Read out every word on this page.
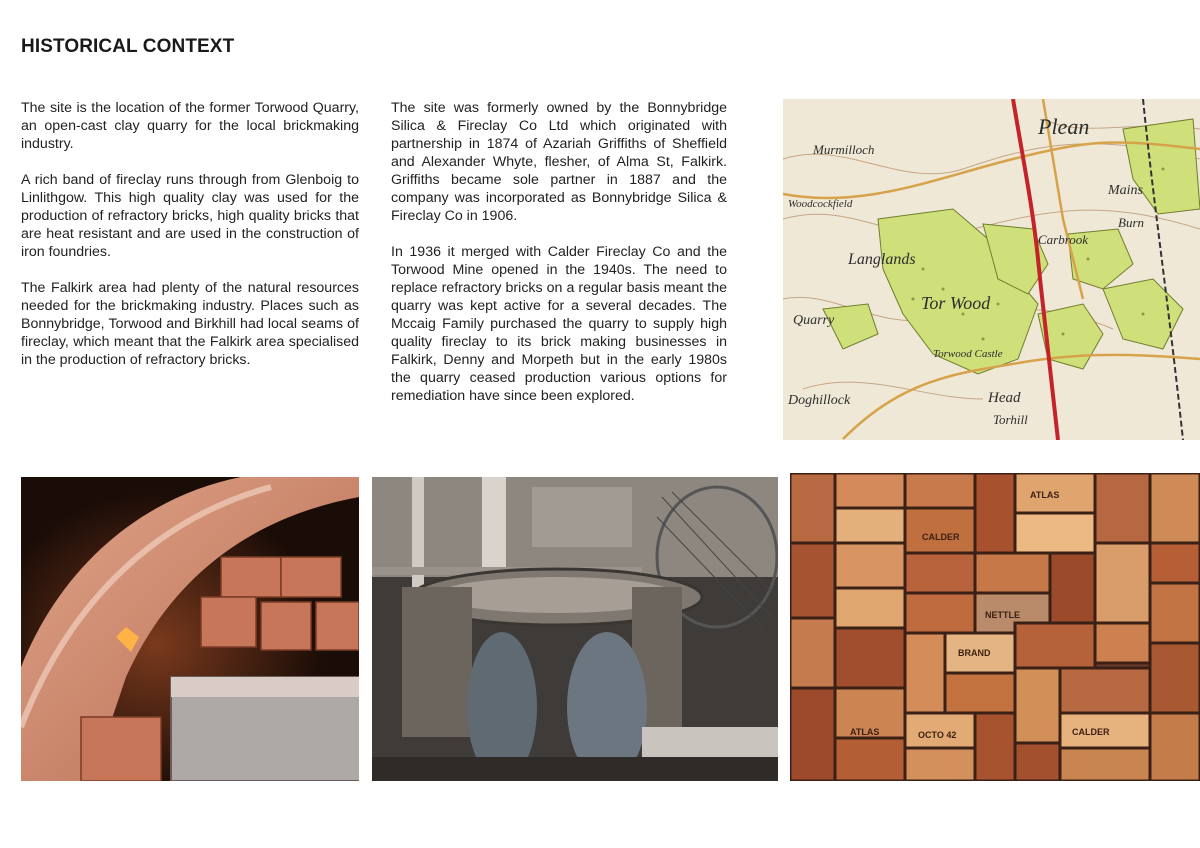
HISTORICAL CONTEXT

The site is the location of the former Torwood Quarry, an open-cast clay quarry for the local brickmaking industry.

A rich band of fireclay runs through from Glenboig to Linlithgow. This high quality clay was used for the production of refractory bricks, high quality bricks that are heat resistant and are used in the construction of iron foundries.

The Falkirk area had plenty of the natural resources needed for the brickmaking industry. Places such as Bonnybridge, Torwood and Birkhill had local seams of fireclay, which meant that the Falkirk area specialised in the production of refractory bricks.

The site was formerly owned by the Bonnybridge Silica & Fireclay Co Ltd which originated with partnership in 1874 of Azariah Griffiths of Sheffield and Alexander Whyte, flesher, of Alma St, Falkirk. Griffiths became sole partner in 1887 and the company was incorporated as Bonnybridge Silica & Fireclay Co in 1906.

In 1936 it merged with Calder Fireclay Co and the Torwood Mine opened in the 1940s. The need to replace refractory bricks on a regular basis meant the quarry was kept active for a several decades. The Mccaig Family purchased the quarry to supply high quality fireclay to its brick making businesses in Falkirk, Denny and Morpeth but in the early 1980s the quarry ceased production various options for remediation have since been explored.

Plean
Langlands
Tor Wood
Quarry
Doghillock
Mains
Burn
Head
Torhill
Carbrook
Woodcockfield
Murmilloch
Torwood Castle
CALDER
NETTLE
ATLAS	OCTO 42	CALDER
ATLAS
BRAND
